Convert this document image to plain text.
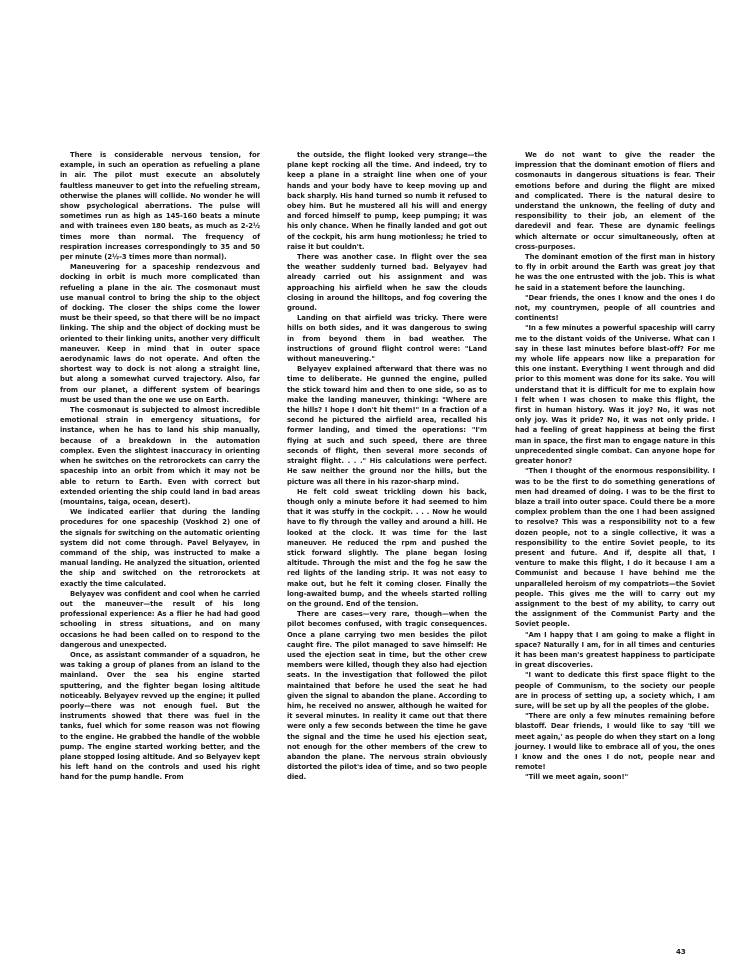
There is considerable nervous tension, for example, in such an operation as refueling a plane in air. The pilot must execute an absolutely faultless maneuver to get into the refueling stream, otherwise the planes will collide. No wonder he will show psychological aberrations. The pulse will sometimes run as high as 145-160 beats a minute and with trainees even 180 beats, as much as 2-2½ times more than normal. The frequency of respiration increases correspondingly to 35 and 50 per minute (2½-3 times more than normal).

Maneuvering for a spaceship rendezvous and docking in orbit is much more complicated than refueling a plane in the air. The cosmonaut must use manual control to bring the ship to the object of docking. The closer the ships come the lower must be their speed, so that there will be no impact linking. The ship and the object of docking must be oriented to their linking units, another very difficult maneuver. Keep in mind that in outer space aerodynamic laws do not operate. And often the shortest way to dock is not along a straight line, but along a somewhat curved trajectory. Also, far from our planet, a different system of bearings must be used than the one we use on Earth.

The cosmonaut is subjected to almost incredible emotional strain in emergency situations, for instance, when he has to land his ship manually, because of a breakdown in the automation complex. Even the slightest inaccuracy in orienting when he switches on the retrorockets can carry the spaceship into an orbit from which it may not be able to return to Earth. Even with correct but extended orienting the ship could land in bad areas (mountains, taiga, ocean, desert).

We indicated earlier that during the landing procedures for one spaceship (Voskhod 2) one of the signals for switching on the automatic orienting system did not come through. Pavel Belyayev, in command of the ship, was instructed to make a manual landing. He analyzed the situation, oriented the ship and switched on the retrorockets at exactly the time calculated.

Belyayev was confident and cool when he carried out the maneuver—the result of his long professional experience: As a flier he had had good schooling in stress situations, and on many occasions he had been called on to respond to the dangerous and unexpected.

Once, as assistant commander of a squadron, he was taking a group of planes from an island to the mainland. Over the sea his engine started sputtering, and the fighter began losing altitude noticeably. Belyayev revved up the engine; it pulled poorly—there was not enough fuel. But the instruments showed that there was fuel in the tanks, fuel which for some reason was not flowing to the engine. He grabbed the handle of the wobble pump. The engine started working better, and the plane stopped losing altitude. And so Belyayev kept his left hand on the controls and used his right hand for the pump handle. From

the outside, the flight looked very strange—the plane kept rocking all the time. And indeed, try to keep a plane in a straight line when one of your hands and your body have to keep moving up and back sharply. His hand turned so numb it refused to obey him. But he mustered all his will and energy and forced himself to pump, keep pumping; it was his only chance. When he finally landed and got out of the cockpit, his arm hung motionless; he tried to raise it but couldn't.

There was another case. In flight over the sea the weather suddenly turned bad. Belyayev had already carried out his assignment and was approaching his airfield when he saw the clouds closing in around the hilltops, and fog covering the ground.

Landing on that airfield was tricky. There were hills on both sides, and it was dangerous to swing in from beyond them in bad weather. The instructions of ground flight control were: "Land without maneuvering."

Belyayev explained afterward that there was no time to deliberate. He gunned the engine, pulled the stick toward him and then to one side, so as to make the landing maneuver, thinking: "Where are the hills? I hope I don't hit them!" In a fraction of a second he pictured the airfield area, recalled his former landing, and timed the operations: "I'm flying at such and such speed, there are three seconds of flight, then several more seconds of straight flight. . . ." His calculations were perfect. He saw neither the ground nor the hills, but the picture was all there in his razor-sharp mind.

He felt cold sweat trickling down his back, though only a minute before it had seemed to him that it was stuffy in the cockpit. . . . Now he would have to fly through the valley and around a hill. He looked at the clock. It was time for the last maneuver. He reduced the rpm and pushed the stick forward slightly. The plane began losing altitude. Through the mist and the fog he saw the red lights of the landing strip. It was not easy to make out, but he felt it coming closer. Finally the long-awaited bump, and the wheels started rolling on the ground. End of the tension.

There are cases—very rare, though—when the pilot becomes confused, with tragic consequences. Once a plane carrying two men besides the pilot caught fire. The pilot managed to save himself: He used the ejection seat in time, but the other crew members were killed, though they also had ejection seats. In the investigation that followed the pilot maintained that before he used the seat he had given the signal to abandon the plane. According to him, he received no answer, although he waited for it several minutes. In reality it came out that there were only a few seconds between the time he gave the signal and the time he used his ejection seat, not enough for the other members of the crew to abandon the plane. The nervous strain obviously distorted the pilot's idea of time, and so two people died.

We do not want to give the reader the impression that the dominant emotion of fliers and cosmonauts in dangerous situations is fear. Their emotions before and during the flight are mixed and complicated. There is the natural desire to understand the unknown, the feeling of duty and responsibility to their job, an element of the daredevil and fear. These are dynamic feelings which alternate or occur simultaneously, often at cross-purposes.

The dominant emotion of the first man in history to fly in orbit around the Earth was great joy that he was the one entrusted with the job. This is what he said in a statement before the launching.

"Dear friends, the ones I know and the ones I do not, my countrymen, people of all countries and continents!

"In a few minutes a powerful spaceship will carry me to the distant voids of the Universe. What can I say in these last minutes before blast-off? For me my whole life appears now like a preparation for this one instant. Everything I went through and did prior to this moment was done for its sake. You will understand that it is difficult for me to explain how I felt when I was chosen to make this flight, the first in human history. Was it joy? No, it was not only joy. Was it pride? No, it was not only pride. I had a feeling of great happiness at being the first man in space, the first man to engage nature in this unprecedented single combat. Can anyone hope for greater honor?

"Then I thought of the enormous responsibility. I was to be the first to do something generations of men had dreamed of doing. I was to be the first to blaze a trail into outer space. Could there be a more complex problem than the one I had been assigned to resolve? This was a responsibility not to a few dozen people, not to a single collective, it was a responsibility to the entire Soviet people, to its present and future. And if, despite all that, I venture to make this flight, I do it because I am a Communist and because I have behind me the unparalleled heroism of my compatriots—the Soviet people. This gives me the will to carry out my assignment to the best of my ability, to carry out the assignment of the Communist Party and the Soviet people.

"Am I happy that I am going to make a flight in space? Naturally I am, for in all times and centuries it has been man's greatest happiness to participate in great discoveries.

"I want to dedicate this first space flight to the people of Communism, to the society our people are in process of setting up, a society which, I am sure, will be set up by all the peoples of the globe.

"There are only a few minutes remaining before blastoff. Dear friends, I would like to say 'till we meet again,' as people do when they start on a long journey. I would like to embrace all of you, the ones I know and the ones I do not, people near and remote!

"Till we meet again, soon!"

43
